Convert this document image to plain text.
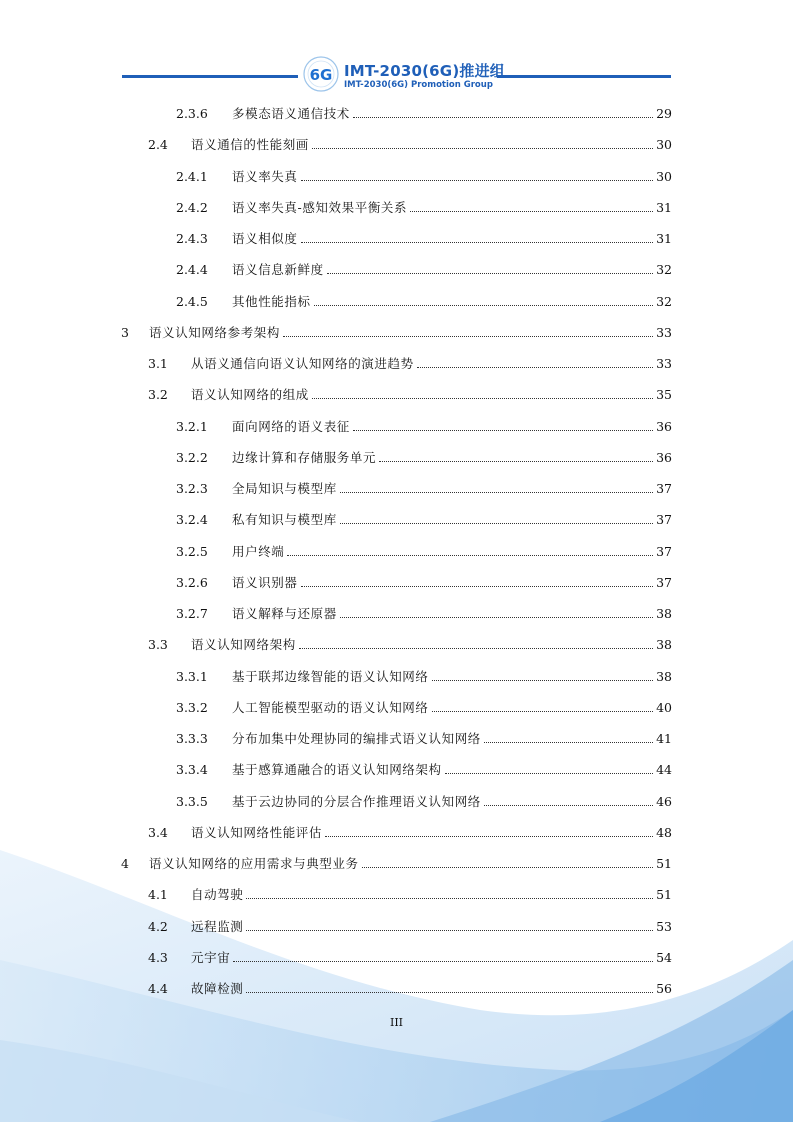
6G IMT-2030(6G)推进组
IMT-2030(6G) Promotion Group
2.3.6	多模态语义通信技术	29
2.4	语义通信的性能刻画	30
2.4.1	语义率失真	30
2.4.2	语义率失真-感知效果平衡关系	31
2.4.3	语义相似度	31
2.4.4	语义信息新鲜度	32
2.4.5	其他性能指标	32
3	语义认知网络参考架构	33
3.1	从语义通信向语义认知网络的演进趋势	33
3.2	语义认知网络的组成	35
3.2.1	面向网络的语义表征	36
3.2.2	边缘计算和存储服务单元	36
3.2.3	全局知识与模型库	37
3.2.4	私有知识与模型库	37
3.2.5	用户终端	37
3.2.6	语义识别器	37
3.2.7	语义解释与还原器	38
3.3	语义认知网络架构	38
3.3.1	基于联邦边缘智能的语义认知网络	38
3.3.2	人工智能模型驱动的语义认知网络	40
3.3.3	分布加集中处理协同的编排式语义认知网络	41
3.3.4	基于感算通融合的语义认知网络架构	44
3.3.5	基于云边协同的分层合作推理语义认知网络	46
3.4	语义认知网络性能评估	48
4	语义认知网络的应用需求与典型业务	51
4.1	自动驾驶	51
4.2	远程监测	53
4.3	元宇宙	54
4.4	故障检测	56
III
